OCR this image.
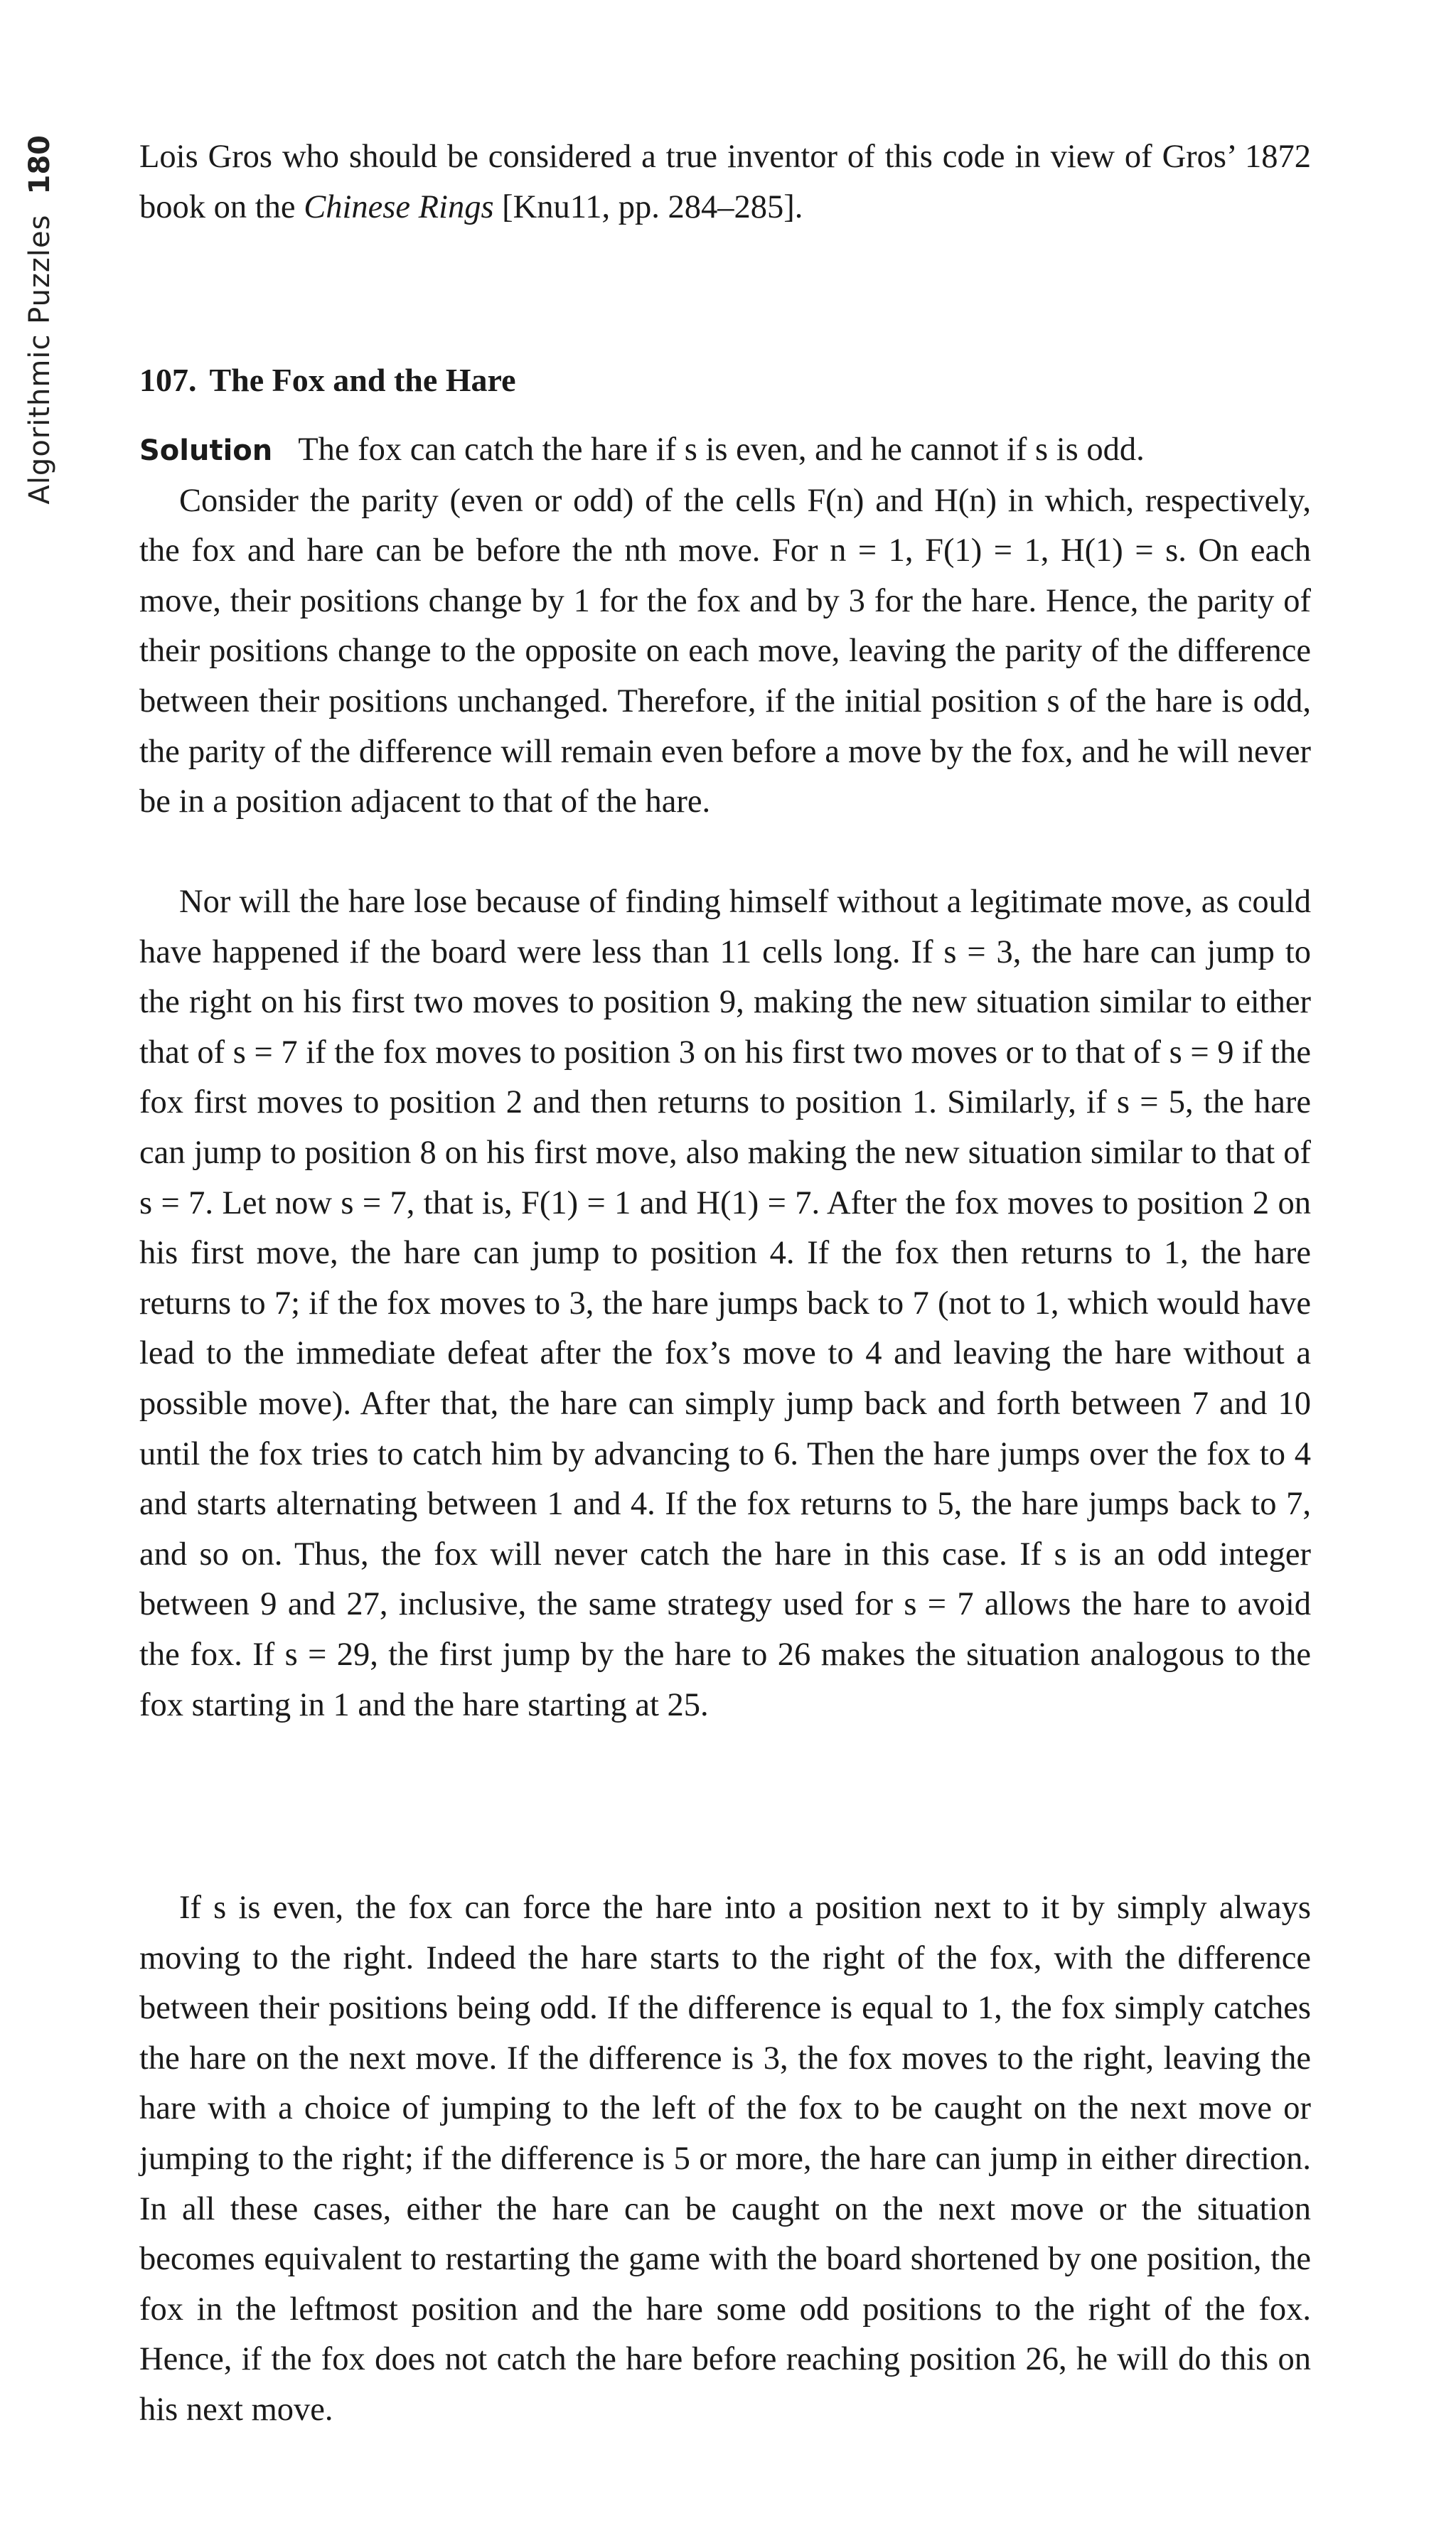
Algorithmic Puzzles
180	Lois Gros who should be considered a true inventor of this code in view of Gros’ 1872 book on the Chinese Rings [Knu11, pp. 284–285].

107. The Fox and the Hare

Solution The fox can catch the hare if s is even, and he cannot if s is odd.

Consider the parity (even or odd) of the cells F(n) and H(n) in which, respectively, the fox and hare can be before the nth move. For n = 1, F(1) = 1, H(1) = s. On each move, their positions change by 1 for the fox and by 3 for the hare. Hence, the parity of their positions change to the opposite on each move, leaving the parity of the difference between their positions unchanged. Therefore, if the initial position s of the hare is odd, the parity of the difference will remain even before a move by the fox, and he will never be in a position adjacent to that of the hare.

Nor will the hare lose because of finding himself without a legitimate move, as could have happened if the board were less than 11 cells long. If s = 3, the hare can jump to the right on his first two moves to position 9, making the new situation similar to either that of s = 7 if the fox moves to position 3 on his first two moves or to that of s = 9 if the fox first moves to position 2 and then returns to position 1. Similarly, if s = 5, the hare can jump to position 8 on his first move, also making the new situation similar to that of s = 7. Let now s = 7, that is, F(1) = 1 and H(1) = 7. After the fox moves to position 2 on his first move, the hare can jump to position 4. If the fox then returns to 1, the hare returns to 7; if the fox moves to 3, the hare jumps back to 7 (not to 1, which would have lead to the immediate defeat after the fox’s move to 4 and leaving the hare without a possible move). After that, the hare can simply jump back and forth between 7 and 10 until the fox tries to catch him by advancing to 6. Then the hare jumps over the fox to 4 and starts alternating between 1 and 4. If the fox returns to 5, the hare jumps back to 7, and so on. Thus, the fox will never catch the hare in this case. If s is an odd integer between 9 and 27, inclusive, the same strategy used for s = 7 allows the hare to avoid the fox. If s = 29, the first jump by the hare to 26 makes the situation analogous to the fox starting in 1 and the hare starting at 25.

If s is even, the fox can force the hare into a position next to it by simply always moving to the right. Indeed the hare starts to the right of the fox, with the difference between their positions being odd. If the difference is equal to 1, the fox simply catches the hare on the next move. If the difference is 3, the fox moves to the right, leaving the hare with a choice of jumping to the left of the fox to be caught on the next move or jumping to the right; if the difference is 5 or more, the hare can jump in either direction. In all these cases, either the hare can be caught on the next move or the situation becomes equivalent to restarting the game with the board shortened by one position, the fox in the leftmost position and the hare some odd positions to the right of the fox. Hence, if the fox does not catch the hare before reaching position 26, he will do this on his next move.
